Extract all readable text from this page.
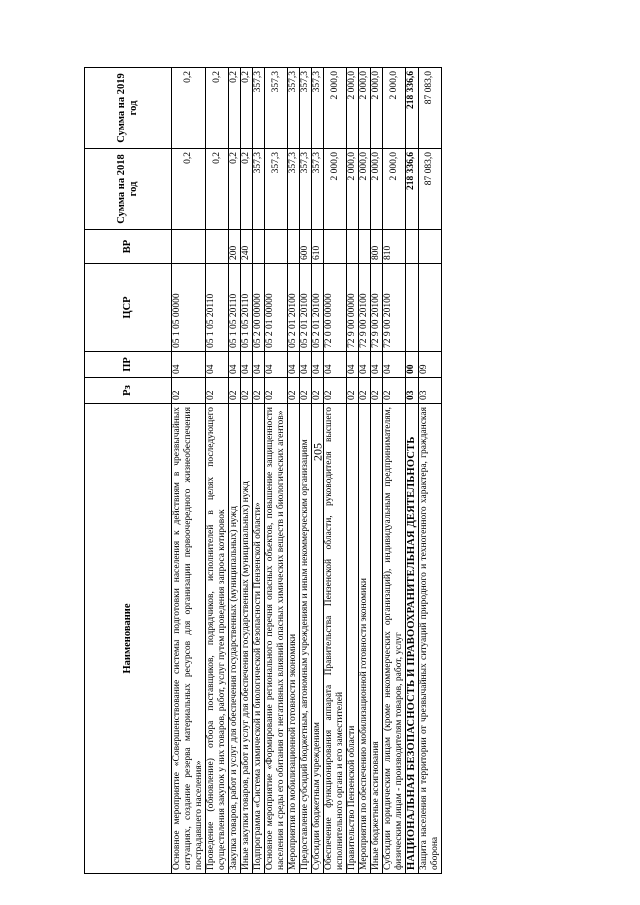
205
Наименование	Рз	ПР	ЦСР	ВР	Сумма на 2018 год	Сумма на 2019 год
Основное мероприятие «Совершенствование системы подготовки населения к действиям в чрезвычайных ситуациях, создание резерва материальных ресурсов для организации первоочередного жизнеобеспечения пострадавшего населения»	02	04	05 1 05 00000		0,2	0,2
Проведение (обновление) отбора поставщиков, подрядчиков, исполнителей в целях последующего осуществления закупок у них товаров, работ, услуг путем проведения запроса котировок	02	04	05 1 05 20110		0,2	0,2
Закупка товаров, работ и услуг для обеспечения государственных (муниципальных) нужд	02	04	05 1 05 20110	200	0,2	0,2
Иные закупки товаров, работ и услуг для обеспечения государственных (муниципальных) нужд	02	04	05 1 05 20110	240	0,2	0,2
Подпрограмма «Система химической и биологической безопасности Пензенской области»	02	04	05 2 00 00000		357,3	357,3
Основное мероприятие «Формирование регионального перечня опасных объектов, повышение защищенности населения и среды его обитания от негативных влияний опасных химических веществ и биологических агентов»	02	04	05 2 01 00000		357,3	357,3
Мероприятия по мобилизационной готовности экономики	02	04	05 2 01 20100		357,3	357,3
Предоставление субсидий бюджетным, автономным учреждениям и иным некоммерческим организациям	02	04	05 2 01 20100	600	357,3	357,3
Субсидии бюджетным учреждениям	02	04	05 2 01 20100	610	357,3	357,3
Обеспечение функционирования аппарата Правительства Пензенской области, руководителя высшего исполнительного органа и его заместителей	02	04	72 0 00 00000		2 000,0	2 000,0
Правительство Пензенской области	02	04	72 9 00 00000		2 000,0	2 000,0
Мероприятия по обеспечению мобилизационной готовности экономики	02	04	72 9 00 20100		2 000,0	2 000,0
Иные бюджетные ассигнования	02	04	72 9 00 20100	800	2 000,0	2 000,0
Субсидии юридическим лицам (кроме некоммерческих организаций), индивидуальным предпринимателям, физическим лицам - производителям товаров, работ, услуг	02	04	72 9 00 20100	810	2 000,0	2 000,0
НАЦИОНАЛЬНАЯ БЕЗОПАСНОСТЬ И ПРАВООХРАНИТЕЛЬНАЯ ДЕЯТЕЛЬНОСТЬ	03	00			218 336,6	218 336,6
Защита населения и территории от чрезвычайных ситуаций природного и техногенного характера, гражданская оборона	03	09			87 083,0	87 083,0
